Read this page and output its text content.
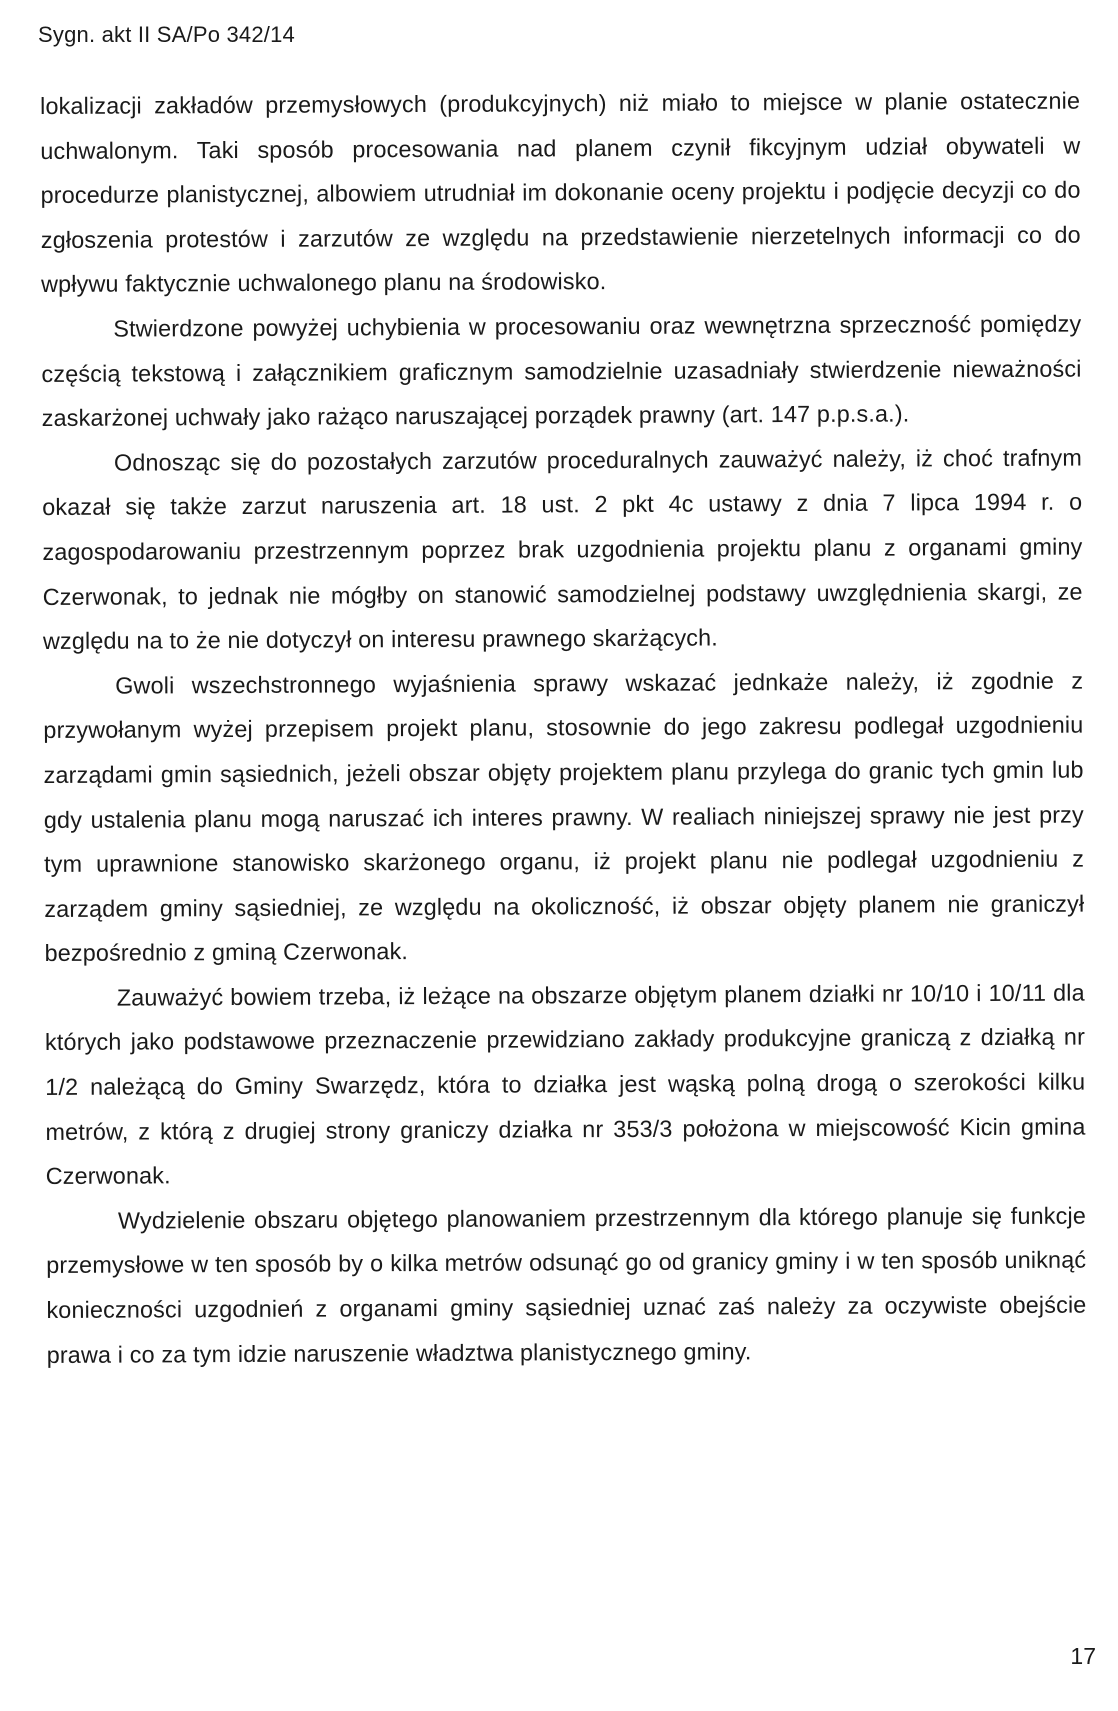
Sygn. akt II SA/Po 342/14

lokalizacji zakładów przemysłowych (produkcyjnych) niż miało to miejsce w planie ostatecznie uchwalonym. Taki sposób procesowania nad planem czynił fikcyjnym udział obywateli w procedurze planistycznej, albowiem utrudniał im dokonanie oceny projektu i podjęcie decyzji co do zgłoszenia protestów i zarzutów ze względu na przedstawienie nierzetelnych informacji co do wpływu faktycznie uchwalonego planu na środowisko.

Stwierdzone powyżej uchybienia w procesowaniu oraz wewnętrzna sprzeczność pomiędzy częścią tekstową i załącznikiem graficznym samodzielnie uzasadniały stwierdzenie nieważności zaskarżonej uchwały jako rażąco naruszającej porządek prawny (art. 147 p.p.s.a.).

Odnosząc się do pozostałych zarzutów proceduralnych zauważyć należy, iż choć trafnym okazał się także zarzut naruszenia art. 18 ust. 2 pkt 4c ustawy z dnia 7 lipca 1994 r. o zagospodarowaniu przestrzennym poprzez brak uzgodnienia projektu planu z organami gminy Czerwonak, to jednak nie mógłby on stanowić samodzielnej podstawy uwzględnienia skargi, ze względu na to że nie dotyczył on interesu prawnego skarżących.

Gwoli wszechstronnego wyjaśnienia sprawy wskazać jednkaże należy, iż zgodnie z przywołanym wyżej przepisem projekt planu, stosownie do jego zakresu podlegał uzgodnieniu zarządami gmin sąsiednich, jeżeli obszar objęty projektem planu przylega do granic tych gmin lub gdy ustalenia planu mogą naruszać ich interes prawny. W realiach niniejszej sprawy nie jest przy tym uprawnione stanowisko skarżonego organu, iż projekt planu nie podlegał uzgodnieniu z zarządem gminy sąsiedniej, ze względu na okoliczność, iż obszar objęty planem nie graniczył bezpośrednio z gminą Czerwonak.

Zauważyć bowiem trzeba, iż leżące na obszarze objętym planem działki nr 10/10 i 10/11 dla których jako podstawowe przeznaczenie przewidziano zakłady produkcyjne graniczą z działką nr 1/2 należącą do Gminy Swarzędz, która to działka jest wąską polną drogą o szerokości kilku metrów, z którą z drugiej strony graniczy działka nr 353/3 położona w miejscowość Kicin gmina Czerwonak.

Wydzielenie obszaru objętego planowaniem przestrzennym dla którego planuje się funkcje przemysłowe w ten sposób by o kilka metrów odsunąć go od granicy gminy i w ten sposób uniknąć konieczności uzgodnień z organami gminy sąsiedniej uznać zaś należy za oczywiste obejście prawa i co za tym idzie naruszenie władztwa planistycznego gminy.

17
